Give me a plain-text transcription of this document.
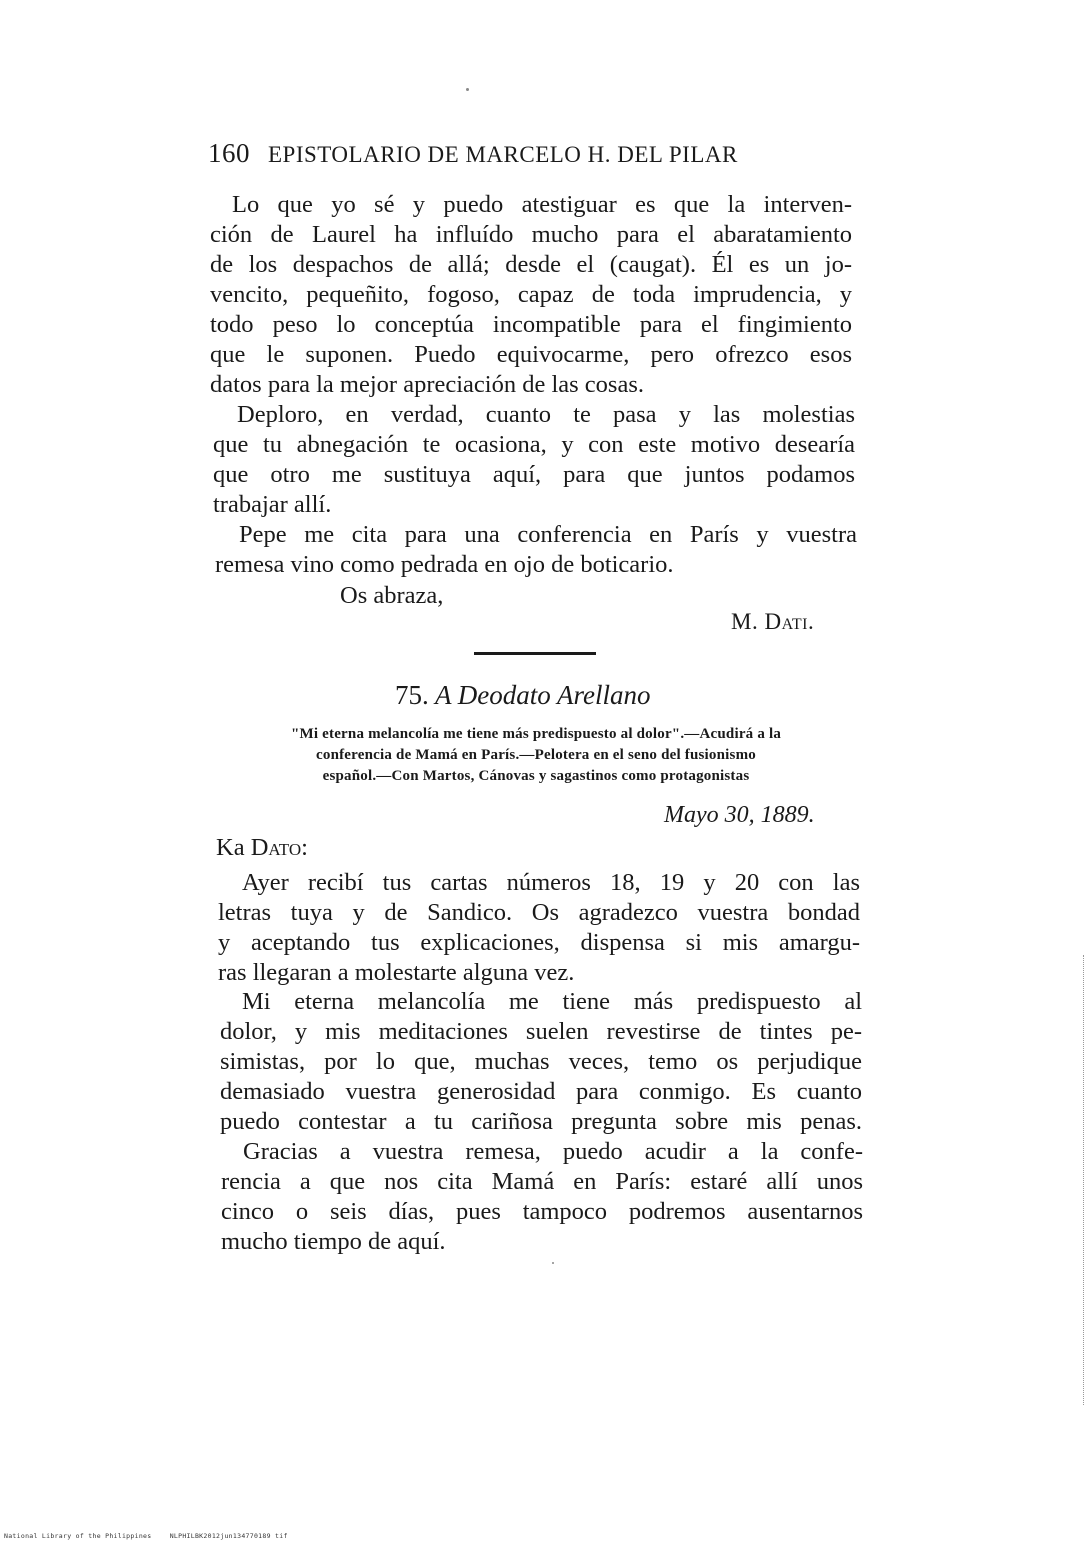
160 EPISTOLARIO DE MARCELO H. DEL PILAR
Lo que yo sé y puedo atestiguar es que la interven-
ción de Laurel ha influído mucho para el abaratamiento
de los despachos de allá; desde el (caugat). Él es un jo-
vencito, pequeñito, fogoso, capaz de toda imprudencia, y
todo peso lo conceptúa incompatible para el fingimiento
que le suponen. Puedo equivocarme, pero ofrezco esos
datos para la mejor apreciación de las cosas.
Deploro, en verdad, cuanto te pasa y las molestias
que tu abnegación te ocasiona, y con este motivo desearía
que otro me sustituya aquí, para que juntos podamos
trabajar allí.
Pepe me cita para una conferencia en París y vuestra
remesa vino como pedrada en ojo de boticario.
Os abraza,
M. Dati.
75. A Deodato Arellano
"Mi eterna melancolía me tiene más predispuesto al dolor".—Acudirá a la
conferencia de Mamá en París.—Pelotera en el seno del fusionismo
español.—Con Martos, Cánovas y sagastinos como protagonistas
Mayo 30, 1889.
Ka Dato:
Ayer recibí tus cartas números 18, 19 y 20 con las
letras tuya y de Sandico. Os agradezco vuestra bondad
y aceptando tus explicaciones, dispensa si mis amargu-
ras llegaran a molestarte alguna vez.
Mi eterna melancolía me tiene más predispuesto al
dolor, y mis meditaciones suelen revestirse de tintes pe-
simistas, por lo que, muchas veces, temo os perjudique
demasiado vuestra generosidad para conmigo. Es cuanto
puedo contestar a tu cariñosa pregunta sobre mis penas.
Gracias a vuestra remesa, puedo acudir a la confe-
rencia a que nos cita Mamá en París: estaré allí unos
cinco o seis días, pues tampoco podremos ausentarnos
mucho tiempo de aquí.
National Library of the Philippines	NLPHILBK2012jun134770189 tif
